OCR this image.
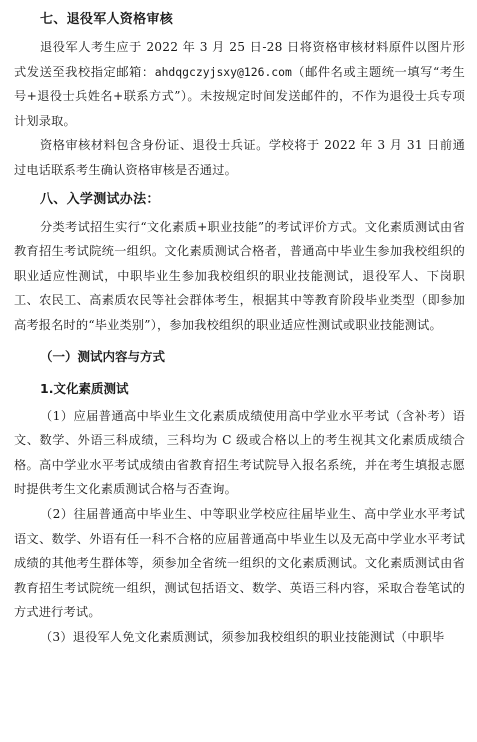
七、退役军人资格审核

退役军人考生应于 2022 年 3 月 25 日-28 日将资格审核材料原件以图片形式发送至我校指定邮箱：ahdqgczyjsxy@126.com（邮件名或主题统一填写“考生号+退役士兵姓名+联系方式”）。未按规定时间发送邮件的，不作为退役士兵专项计划录取。

资格审核材料包含身份证、退役士兵证。学校将于 2022 年 3 月 31 日前通过电话联系考生确认资格审核是否通过。

八、入学测试办法：

分类考试招生实行“文化素质+职业技能”的考试评价方式。文化素质测试由省教育招生考试院统一组织。文化素质测试合格者，普通高中毕业生参加我校组织的职业适应性测试，中职毕业生参加我校组织的职业技能测试，退役军人、下岗职工、农民工、高素质农民等社会群体考生，根据其中等教育阶段毕业类型（即参加高考报名时的“毕业类别”），参加我校组织的职业适应性测试或职业技能测试。

（一）测试内容与方式
1.文化素质测试

（1）应届普通高中毕业生文化素质成绩使用高中学业水平考试（含补考）语文、数学、外语三科成绩，三科均为 C 级或合格以上的考生视其文化素质成绩合格。高中学业水平考试成绩由省教育招生考试院导入报名系统，并在考生填报志愿时提供考生文化素质测试合格与否查询。

（2）往届普通高中毕业生、中等职业学校应往届毕业生、高中学业水平考试语文、数学、外语有任一科不合格的应届普通高中毕业生以及无高中学业水平考试成绩的其他考生群体等，须参加全省统一组织的文化素质测试。文化素质测试由省教育招生考试院统一组织，测试包括语文、数学、英语三科内容，采取合卷笔试的方式进行考试。

（3）退役军人免文化素质测试，须参加我校组织的职业技能测试（中职毕
